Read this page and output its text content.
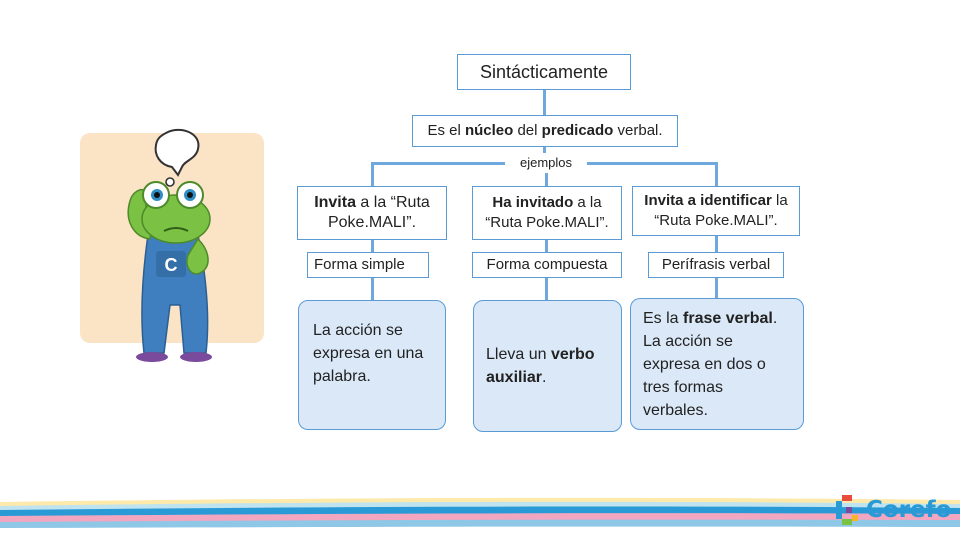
Sintácticamente
Es el núcleo del predicado verbal.
ejemplos
Invita a la “Ruta Poke.MALI”.
Ha invitado a la “Ruta Poke.MALI”.
Invita a identificar la “Ruta Poke.MALI”.
Forma simple	Forma compuesta	Perífrasis verbal
La acción se expresa en una palabra.
Lleva un verbo auxiliar.
Es la frase verbal. La acción se expresa en dos o tres formas verbales.
C
Corefo
